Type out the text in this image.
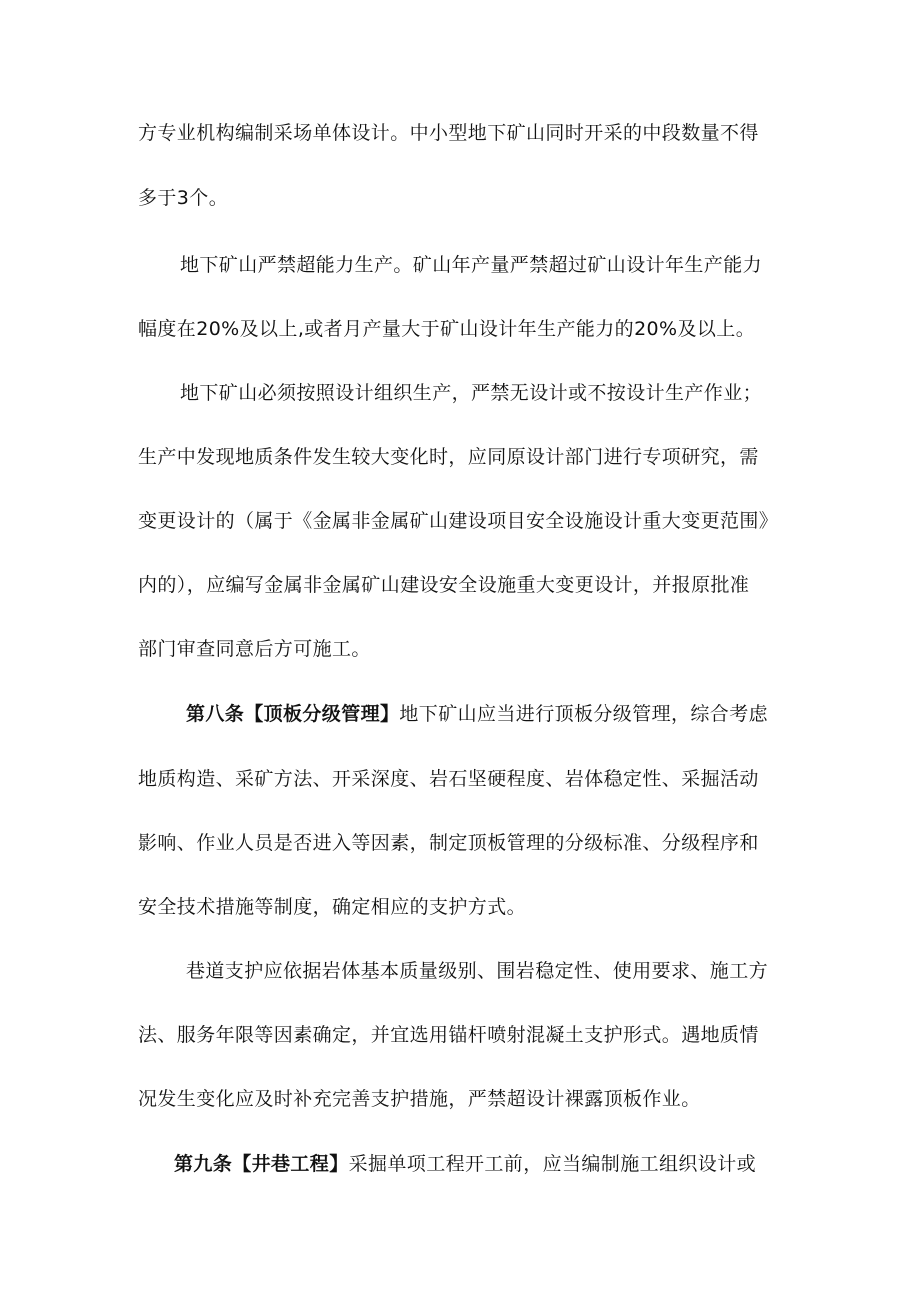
方专业机构编制采场单体设计。中小型地下矿山同时开采的中段数量不得
多于3个。
地下矿山严禁超能力生产。矿山年产量严禁超过矿山设计年生产能力
幅度在20%及以上,或者月产量大于矿山设计年生产能力的20%及以上。
地下矿山必须按照设计组织生产，严禁无设计或不按设计生产作业；
生产中发现地质条件发生较大变化时，应同原设计部门进行专项研究，需
变更设计的（属于《金属非金属矿山建设项目安全设施设计重大变更范围》
内的），应编写金属非金属矿山建设安全设施重大变更设计，并报原批准
部门审查同意后方可施工。
第八条【顶板分级管理】地下矿山应当进行顶板分级管理，综合考虑
地质构造、采矿方法、开采深度、岩石坚硬程度、岩体稳定性、采掘活动
影响、作业人员是否进入等因素，制定顶板管理的分级标准、分级程序和
安全技术措施等制度，确定相应的支护方式。
巷道支护应依据岩体基本质量级别、围岩稳定性、使用要求、施工方
法、服务年限等因素确定，并宜选用锚杆喷射混凝土支护形式。遇地质情
况发生变化应及时补充完善支护措施，严禁超设计裸露顶板作业。
第九条【井巷工程】采掘单项工程开工前，应当编制施工组织设计或
